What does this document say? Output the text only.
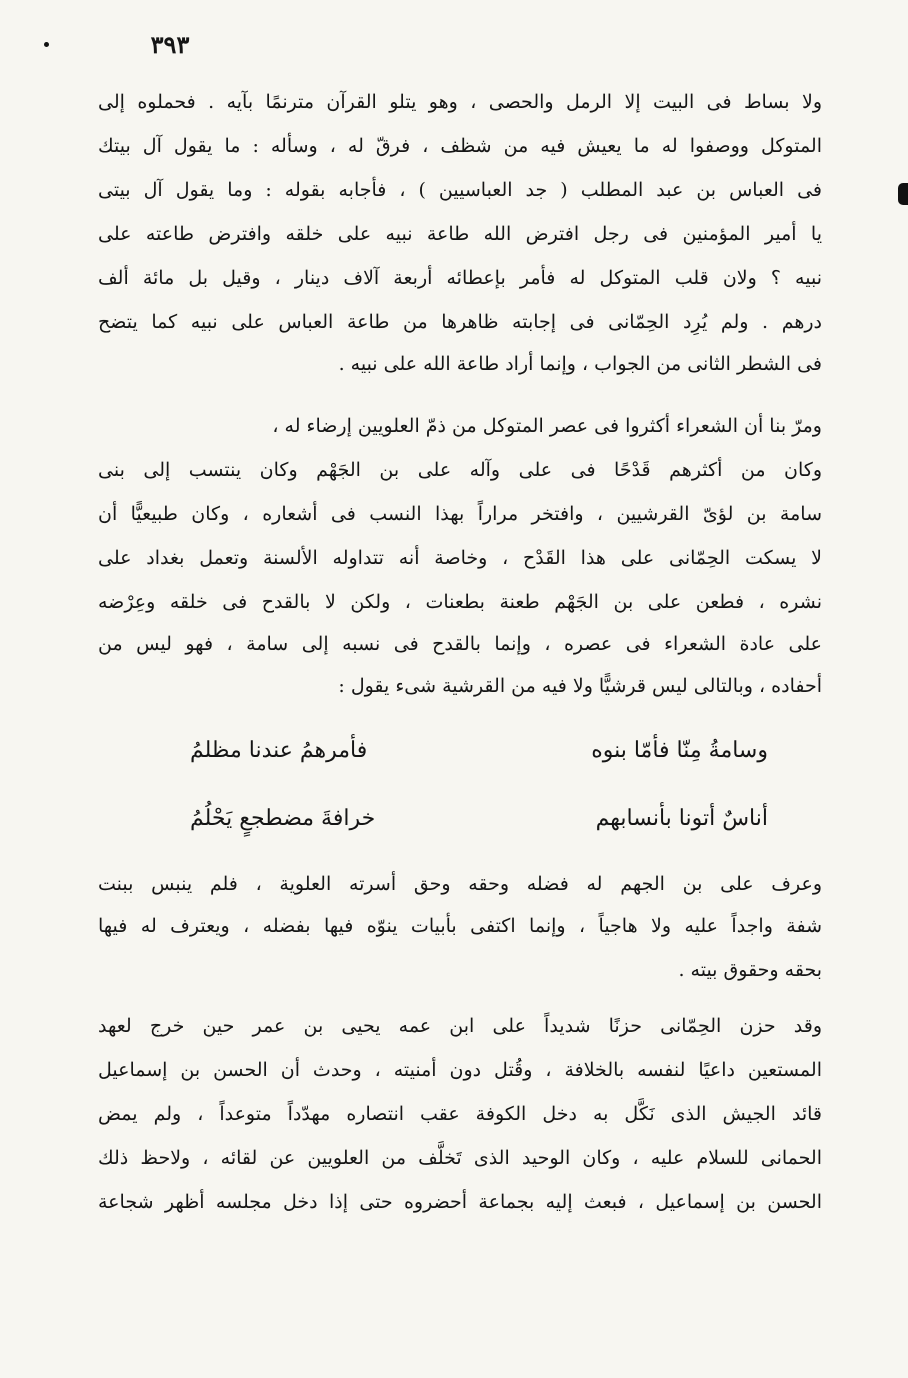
٣٩٣
ولا بساط فى البيت إلا الرمل والحصى ، وهو يتلو القرآن مترنمًا بآيه . فحملوه إلى
المتوكل ووصفوا له ما يعيش فيه من شظف ، فرقّ له ، وسأله : ما يقول آل بيتك
فى العباس بن عبد المطلب ( جد العباسيين ) ، فأجابه بقوله : وما يقول آل بيتى
يا أمير المؤمنين فى رجل افترض الله طاعة نبيه على خلقه وافترض طاعته على
نبيه ؟ ولان قلب المتوكل له فأمر بإعطائه أربعة آلاف دينار ، وقيل بل مائة ألف
درهم . ولم يُرِد الحِمّانى فى إجابته ظاهرها من طاعة العباس على نبيه كما يتضح
فى الشطر الثانى من الجواب ، وإنما أراد طاعة الله على نبيه .
ومرّ بنا أن الشعراء أكثروا فى عصر المتوكل من ذمّ العلويين إرضاء له ،
وكان من أكثرهم قَدْحًا فى على وآله على بن الجَهْم وكان ينتسب إلى بنى
سامة بن لؤىّ القرشيين ، وافتخر مراراً بهذا النسب فى أشعاره ، وكان طبيعيًّا أن
لا يسكت الحِمّانى على هذا القَدْح ، وخاصة أنه تتداوله الألسنة وتعمل بغداد على
نشره ، فطعن على بن الجَهْم طعنة بطعنات ، ولكن لا بالقدح فى خلقه وعِرْضه
على عادة الشعراء فى عصره ، وإنما بالقدح فى نسبه إلى سامة ، فهو ليس من
أحفاده ، وبالتالى ليس قرشيًّا ولا فيه من القرشية شىء يقول :
وسامةُ مِنّا فأمّا بنوه
فأمرهمُ عندنا مظلمُ
أناسٌ أتونا بأنسابهم
خرافةَ مضطجعٍ يَحْلُمُ
وعرف على بن الجهم له فضله وحقه وحق أسرته العلوية ، فلم ينبس ببنت
شفة واجداً عليه ولا هاجياً ، وإنما اكتفى بأبيات ينوّه فيها بفضله ، ويعترف له فيها
بحقه وحقوق بيته .
وقد حزن الحِمّانى حزنًا شديداً على ابن عمه يحيى بن عمر حين خرج لعهد
المستعين داعيًا لنفسه بالخلافة ، وقُتل دون أمنيته ، وحدث أن الحسن بن إسماعيل
قائد الجيش الذى نَكَّل به دخل الكوفة عقب انتصاره مهدّداً متوعداً ، ولم يمض
الحمانى للسلام عليه ، وكان الوحيد الذى تَخلَّف من العلويين عن لقائه ، ولاحظ ذلك
الحسن بن إسماعيل ، فبعث إليه بجماعة أحضروه حتى إذا دخل مجلسه أظهر شجاعة
